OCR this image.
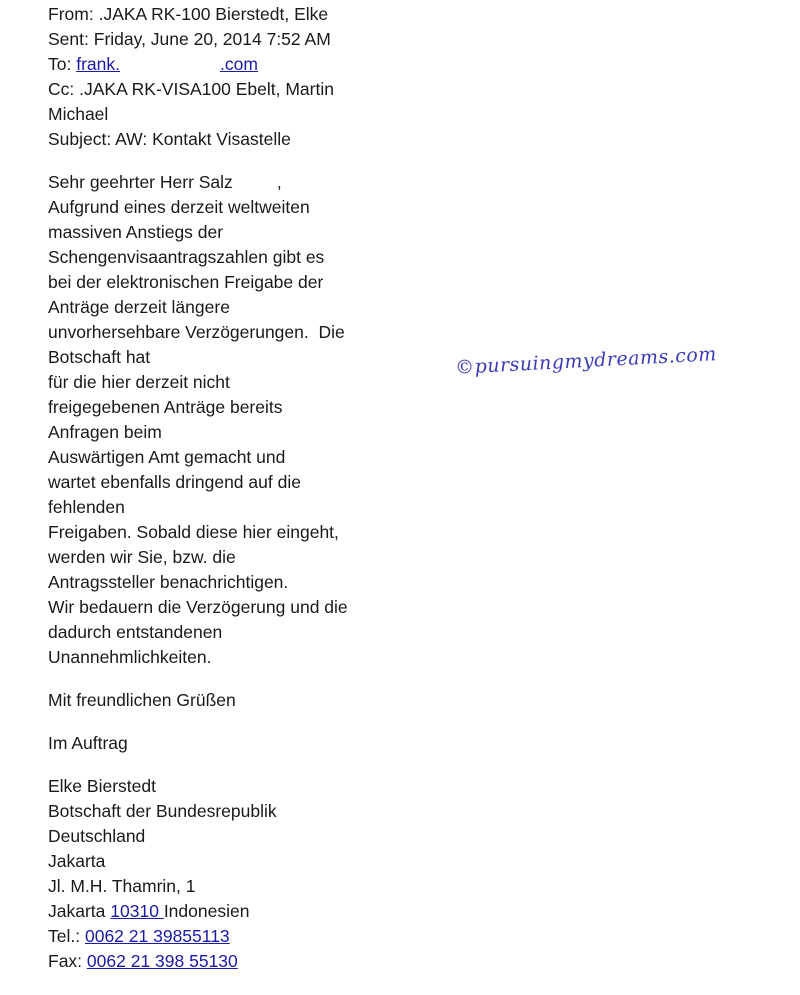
From: .JAKA RK-100 Bierstedt, Elke
Sent: Friday, June 20, 2014 7:52 AM
To: frank.	.com
Cc: .JAKA RK-VISA100 Ebelt, Martin
Michael
Subject: AW: Kontakt Visastelle
Sehr geehrter Herr Salz	,
Aufgrund eines derzeit weltweiten
massiven Anstiegs der
Schengenvisaantragszahlen gibt es
bei der elektronischen Freigabe der
Anträge derzeit längere
unvorhersehbare Verzögerungen.  Die
Botschaft hat
für die hier derzeit nicht
freigegebenen Anträge bereits
Anfragen beim
Auswärtigen Amt gemacht und
wartet ebenfalls dringend auf die
fehlenden
Freigaben. Sobald diese hier eingeht,
werden wir Sie, bzw. die
Antragssteller benachrichtigen.
Wir bedauern die Verzögerung und die
dadurch entstandenen
Unannehmlichkeiten.
Mit freundlichen Grüßen
Im Auftrag
Elke Bierstedt
Botschaft der Bundesrepublik
Deutschland
Jakarta
Jl. M.H. Thamrin, 1
Jakarta 10310 Indonesien
Tel.: 0062 21 39855113
Fax: 0062 21 398 55130
©pursuingmydreams.com
